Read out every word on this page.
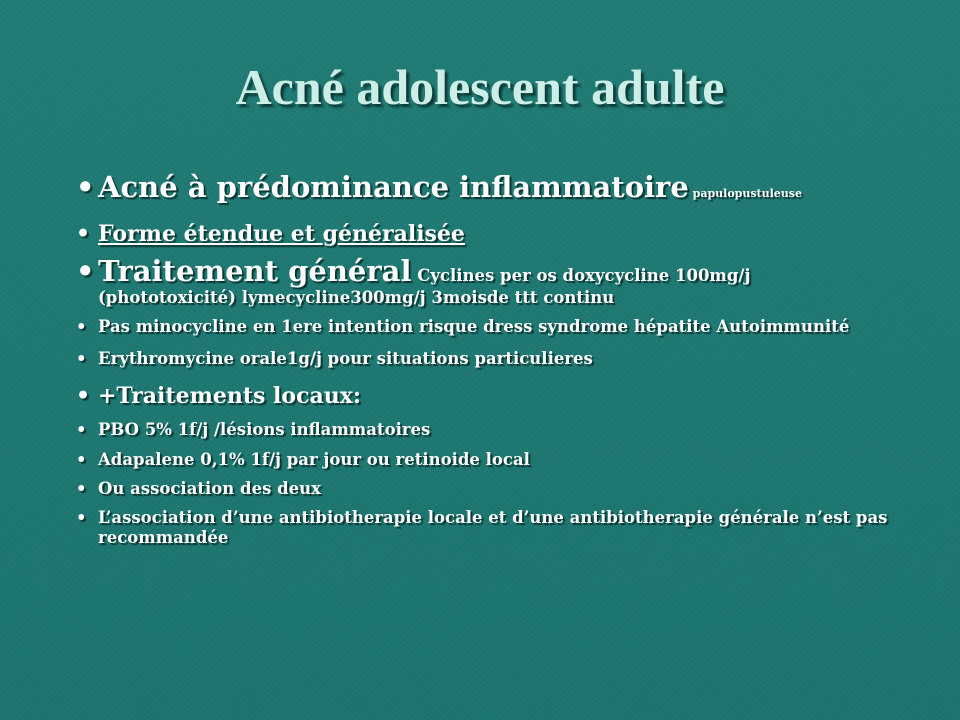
Acné adolescent adulte
• Acné à prédominance inflammatoire papulopustuleuse
• Forme étendue et généralisée
• Traitement général Cyclines per os doxycycline 100mg/j

(phototoxicité) lymecycline300mg/j 3moisde ttt continu
• Pas minocycline en 1ere intention risque dress syndrome hépatite Autoimmunité
• Erythromycine orale1g/j pour situations particulieres
• +Traitements locaux:
• PBO 5% 1f/j /lésions inflammatoires
• Adapalene 0,1% 1f/j par jour ou retinoide local
• Ou association des deux
• L’association d’une antibiotherapie locale et d’une antibiotherapie générale n’est pas recommandée
